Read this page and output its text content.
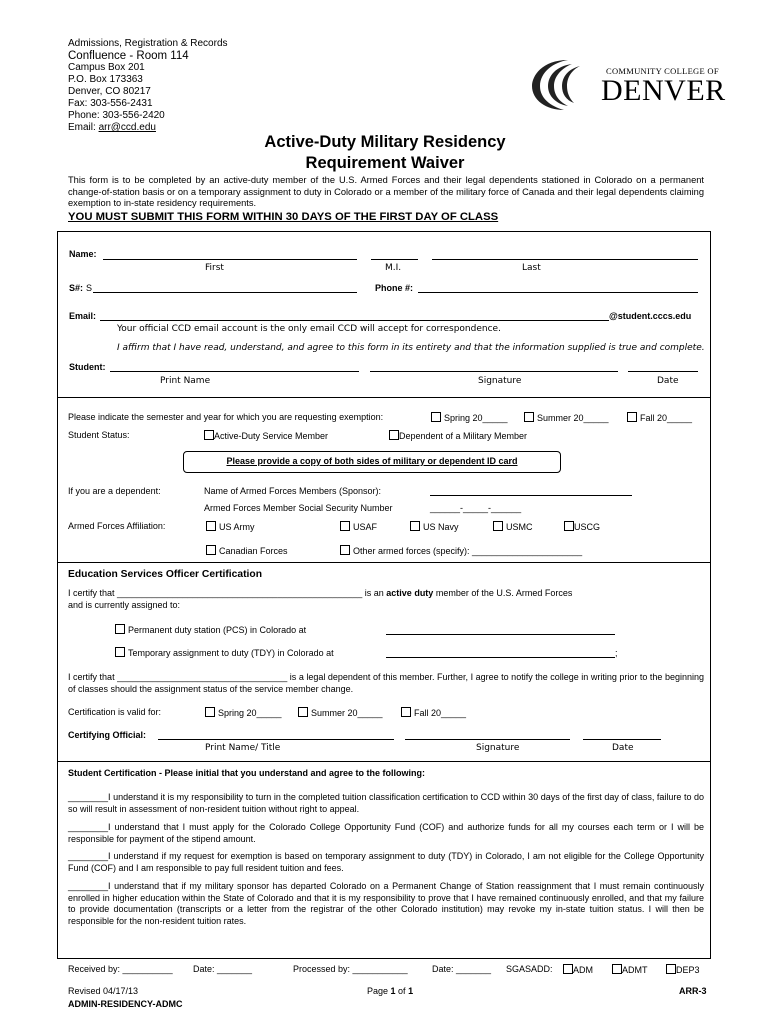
Admissions, Registration & Records
Confluence - Room 114
Campus Box 201
P.O. Box 173363
Denver, CO 80217
Fax: 303-556-2431
Phone: 303-556-2420
Email: arr@ccd.edu
COMMUNITY COLLEGE OF
DENVER
Active-Duty Military Residency
Requirement Waiver
This form is to be completed by an active-duty member of the U.S. Armed Forces and their legal dependents stationed in Colorado on a permanent change-of-station basis or on a temporary assignment to duty in Colorado or a member of the military force of Canada and their legal dependents claiming exemption to in-state residency requirements.
YOU MUST SUBMIT THIS FORM WITHIN 30 DAYS OF THE FIRST DAY OF CLASS
Name:
First	M.I.	Last
S#: S	Phone #:
Email:	@student.cccs.edu
Your official CCD email account is the only email CCD will accept for correspondence.
I affirm that I have read, understand, and agree to this form in its entirety and that the information supplied is true and complete.
Student:
Print Name	Signature	Date
Please indicate the semester and year for which you are requesting exemption:	Spring 20_____	Summer 20_____	Fall 20_____
Student Status:	Active-Duty Service Member	Dependent of a Military Member
Please provide a copy of both sides of military or dependent ID card
If you are a dependent:	Name of Armed Forces Members (Sponsor):
Armed Forces Member Social Security Number	______-_____-______
Armed Forces Affiliation:	US Army	USAF	US Navy	USMC	USCG
Canadian Forces	Other armed forces (specify): ______________________
Education Services Officer Certification
I certify that _________________________________________________ is an active duty member of the U.S. Armed Forces
and is currently assigned to:
Permanent duty station (PCS) in Colorado at
Temporary assignment to duty (TDY) in Colorado at	;
I certify that __________________________________ is a legal dependent of this member. Further, I agree to notify the college in writing prior to the beginning of classes should the assignment status of the service member change.
Certification is valid for:	Spring 20_____	Summer 20_____	Fall 20_____
Certifying Official:
Print Name/ Title	Signature	Date
Student Certification - Please initial that you understand and agree to the following:
________I understand it is my responsibility to turn in the completed tuition classification certification to CCD within 30 days of the first day of class, failure to do so will result in assessment of non-resident tuition without right to appeal.
________I understand that I must apply for the Colorado College Opportunity Fund (COF) and authorize funds for all my courses each term or I will be responsible for payment of the stipend amount.
________I understand if my request for exemption is based on temporary assignment to duty (TDY) in Colorado, I am not eligible for the College Opportunity Fund (COF) and I am responsible to pay full resident tuition and fees.
________I understand that if my military sponsor has departed Colorado on a Permanent Change of Station reassignment that I must remain continuously enrolled in higher education within the State of Colorado and that it is my responsibility to prove that I have remained continuously enrolled, and that my failure to provide documentation (transcripts or a letter from the registrar of the other Colorado institution) may revoke my in-state tuition status. I will then be responsible for the non-resident tuition rates.
Received by: __________ Date: _______	Processed by: ___________	Date: _______ SGASADD:	ADM	ADMT	DEP3
Revised 04/17/13	Page 1 of 1
ADMIN-RESIDENCY-ADMC
ARR-3
